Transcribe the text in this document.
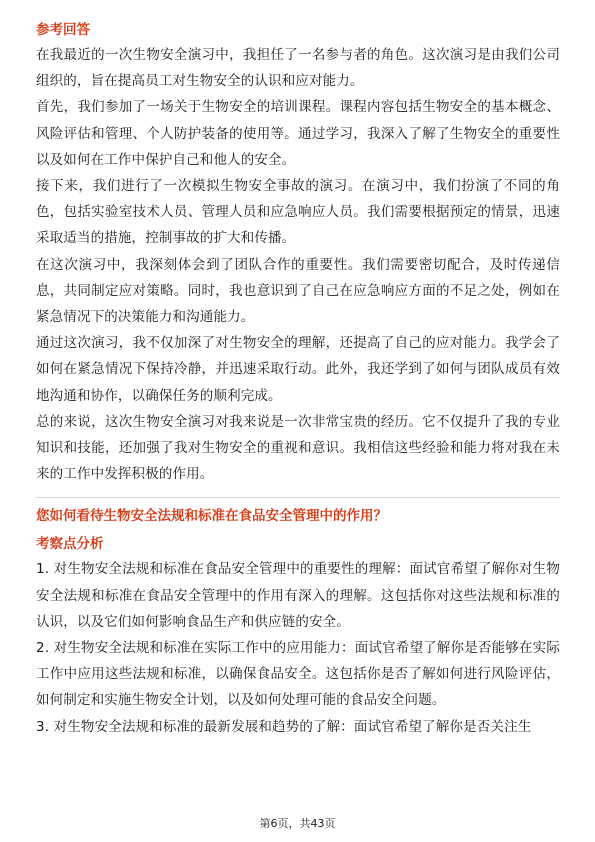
参考回答

在我最近的一次生物安全演习中，我担任了一名参与者的角色。这次演习是由我们公司组织的，旨在提高员工对生物安全的认识和应对能力。

首先，我们参加了一场关于生物安全的培训课程。课程内容包括生物安全的基本概念、风险评估和管理、个人防护装备的使用等。通过学习，我深入了解了生物安全的重要性以及如何在工作中保护自己和他人的安全。

接下来，我们进行了一次模拟生物安全事故的演习。在演习中，我们扮演了不同的角色，包括实验室技术人员、管理人员和应急响应人员。我们需要根据预定的情景，迅速采取适当的措施，控制事故的扩大和传播。

在这次演习中，我深刻体会到了团队合作的重要性。我们需要密切配合，及时传递信息，共同制定应对策略。同时，我也意识到了自己在应急响应方面的不足之处，例如在紧急情况下的决策能力和沟通能力。

通过这次演习，我不仅加深了对生物安全的理解，还提高了自己的应对能力。我学会了如何在紧急情况下保持冷静，并迅速采取行动。此外，我还学到了如何与团队成员有效地沟通和协作，以确保任务的顺利完成。

总的来说，这次生物安全演习对我来说是一次非常宝贵的经历。它不仅提升了我的专业知识和技能，还加强了我对生物安全的重视和意识。我相信这些经验和能力将对我在未来的工作中发挥积极的作用。

您如何看待生物安全法规和标准在食品安全管理中的作用？

考察点分析

1. 对生物安全法规和标准在食品安全管理中的重要性的理解：面试官希望了解你对生物安全法规和标准在食品安全管理中的作用有深入的理解。这包括你对这些法规和标准的认识，以及它们如何影响食品生产和供应链的安全。

2. 对生物安全法规和标准在实际工作中的应用能力：面试官希望了解你是否能够在实际工作中应用这些法规和标准，以确保食品安全。这包括你是否了解如何进行风险评估，如何制定和实施生物安全计划，以及如何处理可能的食品安全问题。

3. 对生物安全法规和标准的最新发展和趋势的了解：面试官希望了解你是否关注生

第6页，共43页
